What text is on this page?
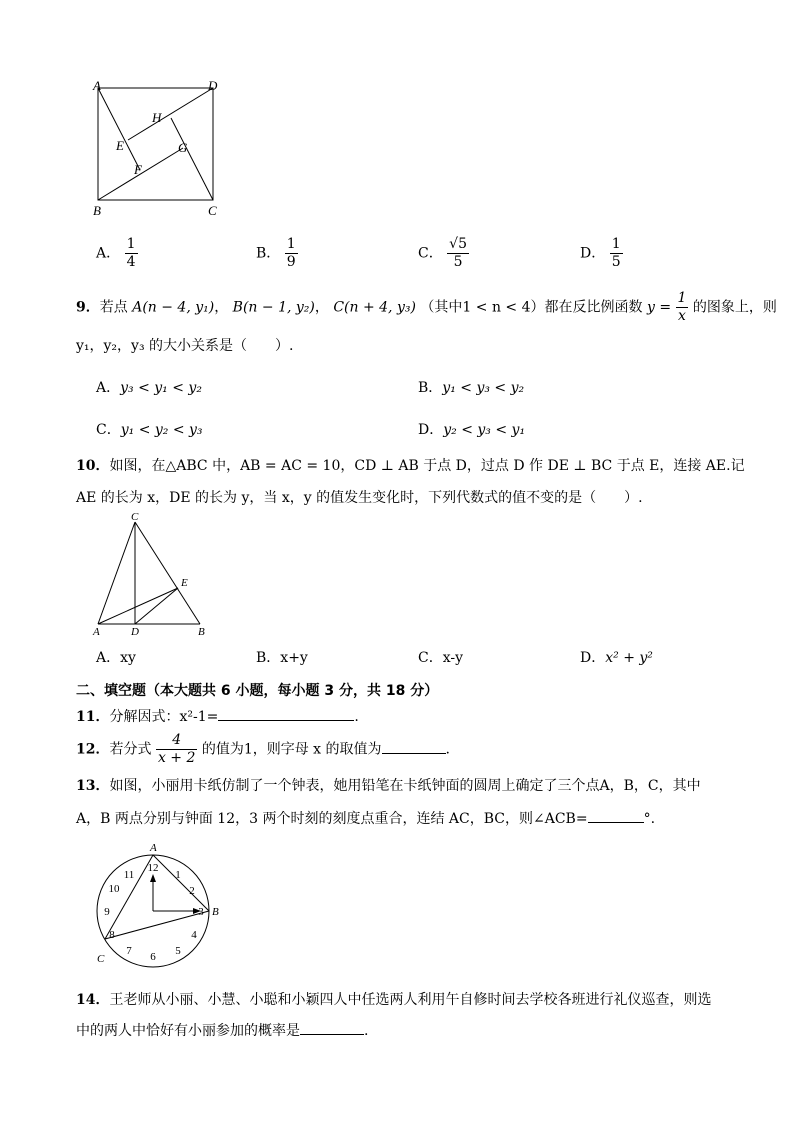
A	D
B	C
H
E	G
F
A． $\frac{1}{4}$	B． $\frac{1}{9}$	C． $\frac{√5}{5}$	D． $\frac{1}{5}$
9．若点 A(n − 4, y₁)， B(n − 1, y₂)， C(n + 4, y₃) （其中1 < n < 4）都在反比例函数 $y = \frac{1}{x}$ 的图象上，则
y₁，y₂，y₃ 的大小关系是（　　）.
A．y₃ < y₁ < y₂	B．y₁ < y₃ < y₂
C．y₁ < y₂ < y₃	D．y₂ < y₃ < y₁
10．如图，在△ABC 中，AB = AC = 10，CD ⊥ AB 于点 D，过点 D 作 DE ⊥ BC 于点 E，连接 AE.记
AE 的长为 x，DE 的长为 y，当 x，y 的值发生变化时，下列代数式的值不变的是（　　）.
C
E
A	D	B
A．xy	B．x+y	C．x-y	D．x² + y²
二、填空题（本大题共 6 小题，每小题 3 分，共 18 分）
11．分解因式：x²-1=	.
12．若分式 $\frac{4}{x + 2}$ 的值为1，则字母 x 的取值为	.
13．如图，小丽用卡纸仿制了一个钟表，她用铅笔在卡纸钟面的圆周上确定了三个点A，B，C，其中
A，B 两点分别与钟面 12，3 两个时刻的刻度点重合，连结 AC，BC，则∠ACB=	°.
12
1
2
3
4
5
6
7
8
9
10
11
A
B
C
14．王老师从小丽、小慧、小聪和小颖四人中任选两人利用午自修时间去学校各班进行礼仪巡查，则选
中的两人中恰好有小丽参加的概率是	.
